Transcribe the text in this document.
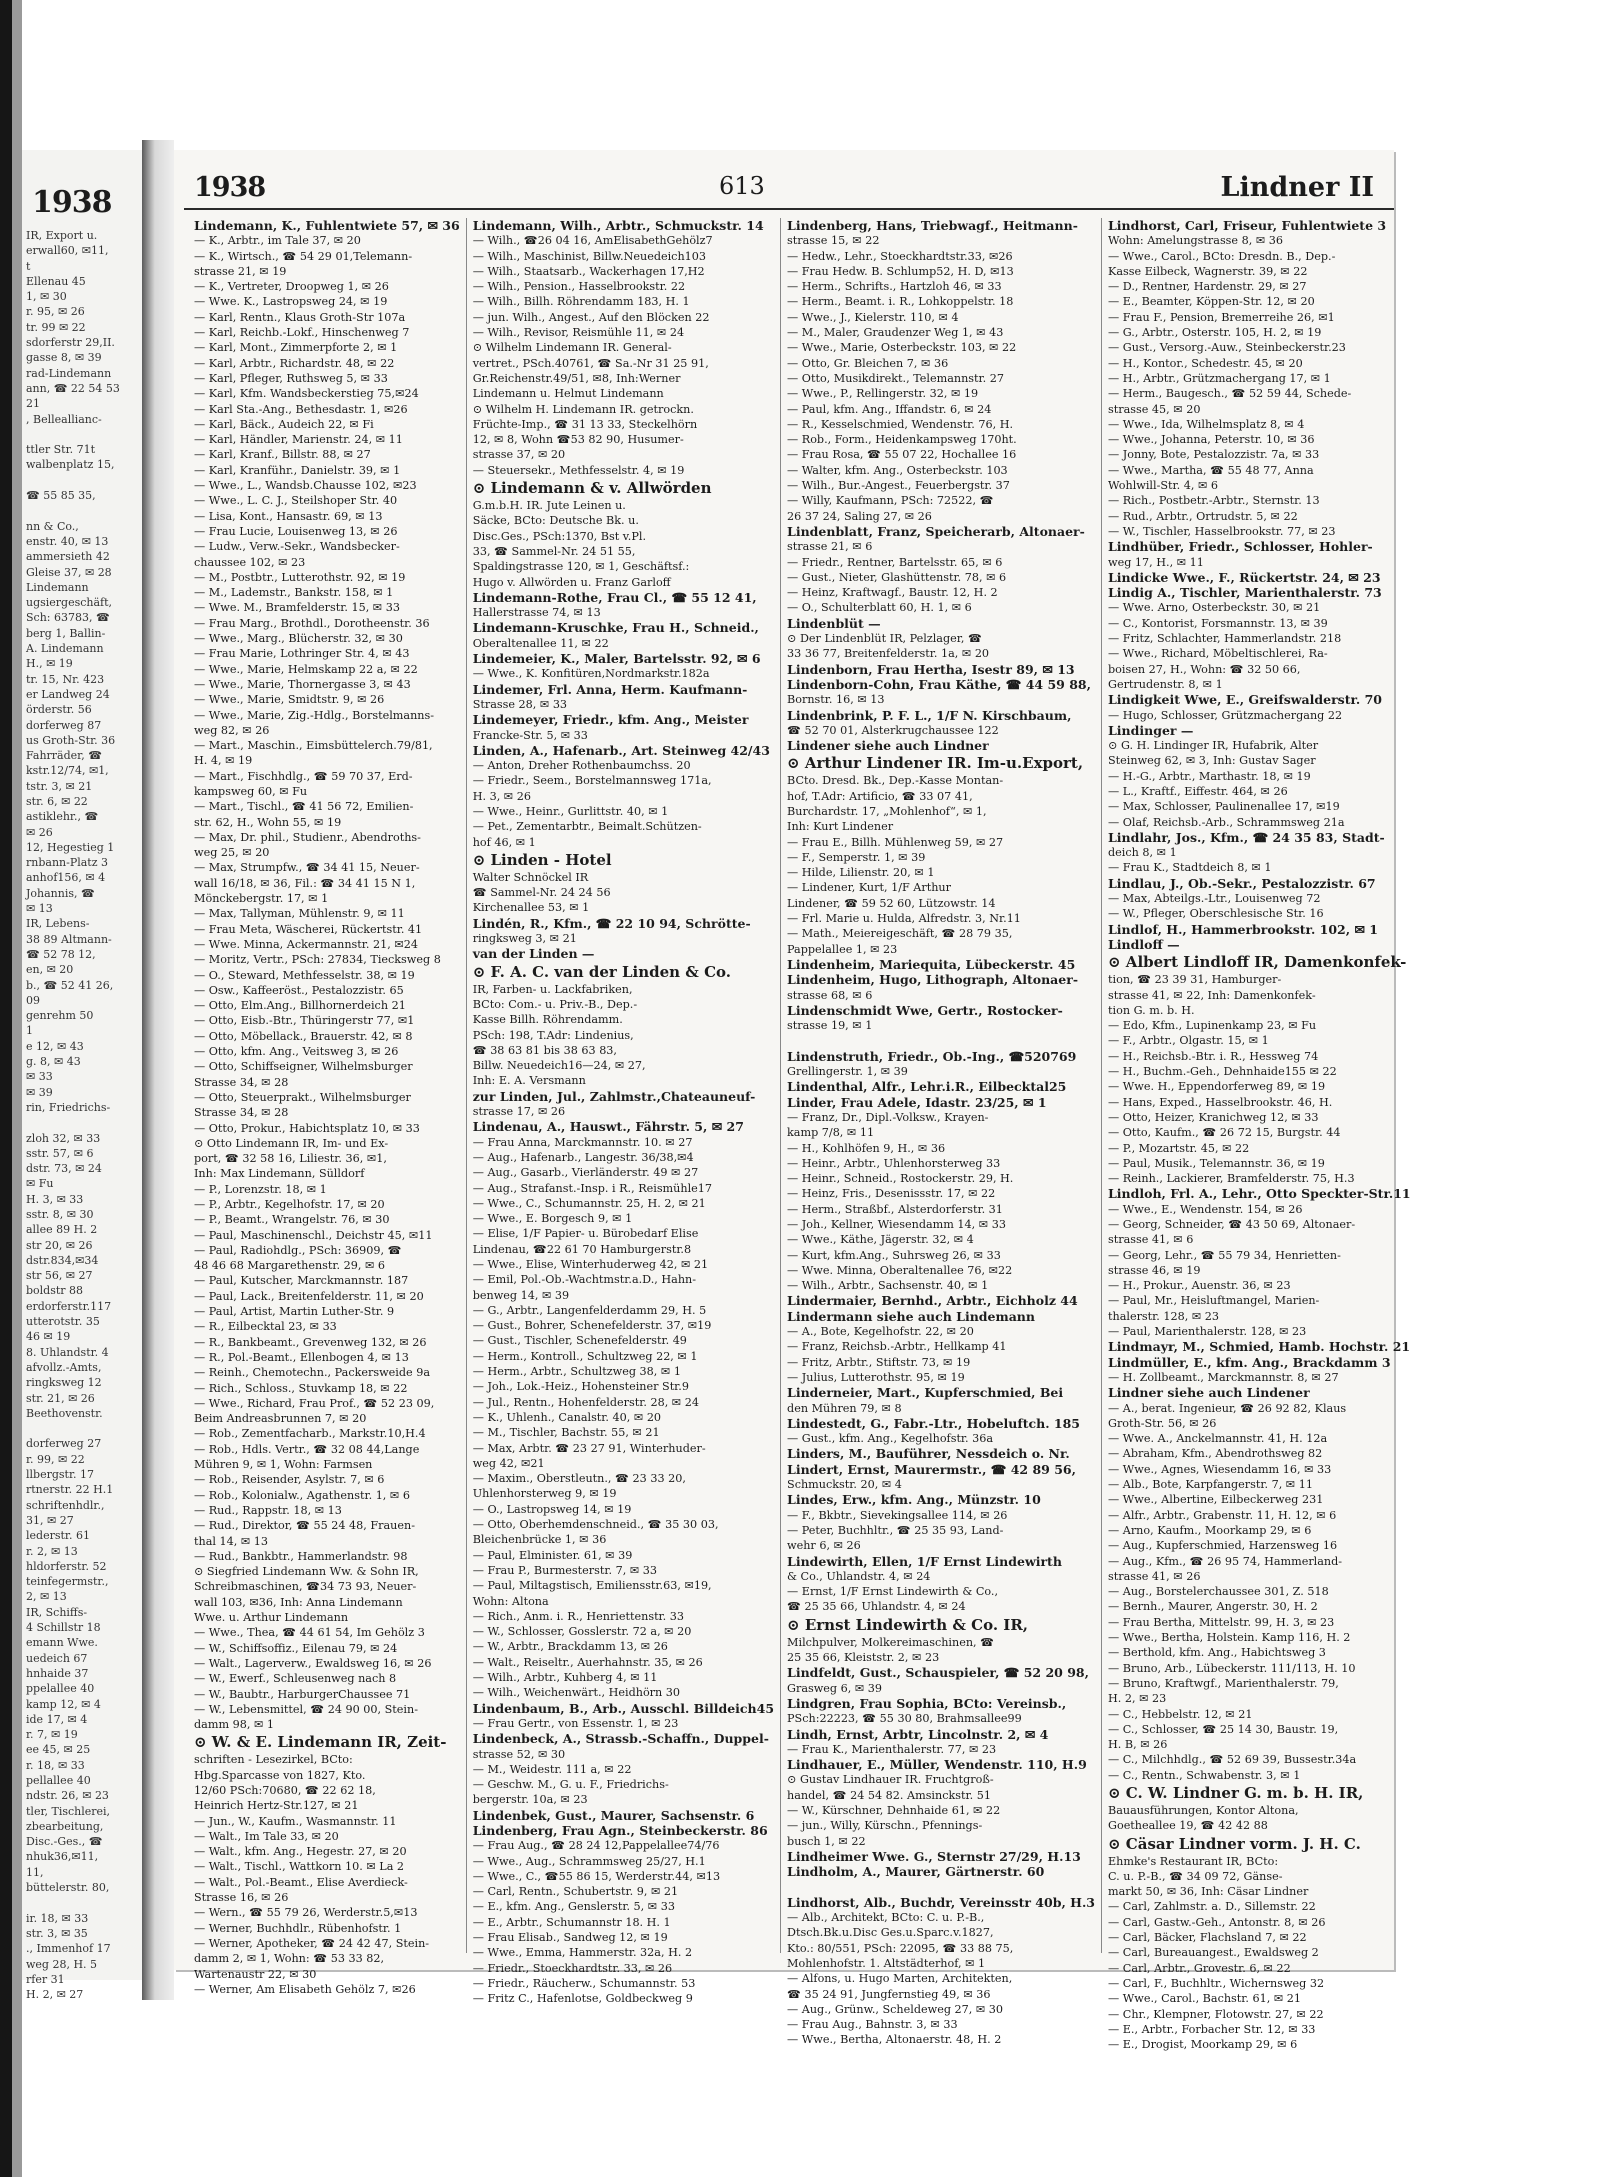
1938
IR, Export u.
erwall60, ✉11,
t
Ellenau 45
1, ✉ 30
r. 95, ✉ 26
tr. 99 ✉ 22
sdorferstr 29,II.
gasse 8, ✉ 39
rad-Lindemann
ann, ☎ 22 54 53
21
, Belleallianc-

ttler Str. 71t
walbenplatz 15,

☎ 55 85 35,

nn & Co.,
enstr. 40, ✉ 13
ammersieth 42
Gleise 37, ✉ 28
Lindemann
ugsiergeschäft,
Sch: 63783, ☎
berg 1, Ballin-
A. Lindemann
H., ✉ 19
tr. 15, Nr. 423
er Landweg 24
örderstr. 56
dorferweg 87
us Groth-Str. 36
Fahrräder, ☎
kstr.12/74, ✉1,
tstr. 3, ✉ 21
str. 6, ✉ 22
astiklehr., ☎
✉ 26
12, Hegestieg 1
rnbann-Platz 3
anhof156, ✉ 4
Johannis, ☎
✉ 13
IR, Lebens-
38 89 Altmann-
☎ 52 78 12,
en, ✉ 20
b., ☎ 52 41 26,
09
genrehm 50
1
e 12, ✉ 43
g. 8, ✉ 43
✉ 33
✉ 39
rin, Friedrichs-

zloh 32, ✉ 33
sstr. 57, ✉ 6
dstr. 73, ✉ 24
✉ Fu
H. 3, ✉ 33
sstr. 8, ✉ 30
allee 89 H. 2
str 20, ✉ 26
dstr.834,✉34
str 56, ✉ 27
boldstr 88
erdorferstr.117
utterotstr. 35
46 ✉ 19
8. Uhlandstr. 4
afvollz.-Amts,
ringksweg 12
str. 21, ✉ 26
Beethovenstr.

dorferweg 27
r. 99, ✉ 22
llbergstr. 17
rtnerstr. 22 H.1
schriftenhdlr.,
31, ✉ 27
lederstr. 61
r. 2, ✉ 13
hldorferstr. 52
teinfegermstr.,
2, ✉ 13
IR, Schiffs-
4 Schillstr 18
emann Wwe.
uedeich 67
hnhaide 37
ppelallee 40
kamp 12, ✉ 4
ide 17, ✉ 4
r. 7, ✉ 19
ee 45, ✉ 25
r. 18, ✉ 33
pellallee 40
ndstr. 26, ✉ 23
tler, Tischlerei,
zbearbeitung,
Disc.-Ges., ☎
nhuk36,✉11,
11,
büttelerstr. 80,

ir. 18, ✉ 33
str. 3, ✉ 35
., Immenhof 17
weg 28, H. 5
rfer 31
H. 2, ✉ 27
1938	613	Lindner II
Lindemann, K., Fuhlentwiete 57, ✉ 36
— K., Arbtr., im Tale 37, ✉ 20
— K., Wirtsch., ☎ 54 29 01,Telemann-
strasse 21, ✉ 19
— K., Vertreter, Droopweg 1, ✉ 26
— Wwe. K., Lastropsweg 24, ✉ 19
— Karl, Rentn., Klaus Groth-Str 107a
— Karl, Reichb.-Lokf., Hinschenweg 7
— Karl, Mont., Zimmerpforte 2, ✉ 1
— Karl, Arbtr., Richardstr. 48, ✉ 22
— Karl, Pfleger, Ruthsweg 5, ✉ 33
— Karl, Kfm. Wandsbeckerstieg 75,✉24
— Karl Sta.-Ang., Bethesdastr. 1, ✉26
— Karl, Bäck., Audeich 22, ✉ Fi
— Karl, Händler, Marienstr. 24, ✉ 11
— Karl, Kranf., Billstr. 88, ✉ 27
— Karl, Kranführ., Danielstr. 39, ✉ 1
— Wwe., L., Wandsb.Chausse 102, ✉23
— Wwe., L. C. J., Steilshoper Str. 40
— Lisa, Kont., Hansastr. 69, ✉ 13
— Frau Lucie, Louisenweg 13, ✉ 26
— Ludw., Verw.-Sekr., Wandsbecker-
chaussee 102, ✉ 23
— M., Postbtr., Lutterothstr. 92, ✉ 19
— M., Lademstr., Bankstr. 158, ✉ 1
— Wwe. M., Bramfelderstr. 15, ✉ 33
— Frau Marg., Brothdl., Dorotheenstr. 36
— Wwe., Marg., Blücherstr. 32, ✉ 30
— Frau Marie, Lothringer Str. 4, ✉ 43
— Wwe., Marie, Helmskamp 22 a, ✉ 22
— Wwe., Marie, Thornergasse 3, ✉ 43
— Wwe., Marie, Smidtstr. 9, ✉ 26
— Wwe., Marie, Zig.-Hdlg., Borstelmanns-
weg 82, ✉ 26
— Mart., Maschin., Eimsbüttelerch.79/81,
H. 4, ✉ 19
— Mart., Fischhdlg., ☎ 59 70 37, Erd-
kampsweg 60, ✉ Fu
— Mart., Tischl., ☎ 41 56 72, Emilien-
str. 62, H., Wohn 55, ✉ 19
— Max, Dr. phil., Studienr., Abendroths-
weg 25, ✉ 20
— Max, Strumpfw., ☎ 34 41 15, Neuer-
wall 16/18, ✉ 36, Fil.: ☎ 34 41 15 N 1,
Mönckebergstr. 17, ✉ 1
— Max, Tallyman, Mühlenstr. 9, ✉ 11
— Frau Meta, Wäscherei, Rückertstr. 41
— Wwe. Minna, Ackermannstr. 21, ✉24
— Moritz, Vertr., PSch: 27834, Tiecksweg 8
— O., Steward, Methfesselstr. 38, ✉ 19
— Osw., Kaffeeröst., Pestalozzistr. 65
— Otto, Elm.Ang., Billhornerdeich 21
— Otto, Eisb.-Btr., Thüringerstr 77, ✉1
— Otto, Möbellack., Brauerstr. 42, ✉ 8
— Otto, kfm. Ang., Veitsweg 3, ✉ 26
— Otto, Schiffseigner, Wilhelmsburger
Strasse 34, ✉ 28
— Otto, Steuerprakt., Wilhelmsburger
Strasse 34, ✉ 28
— Otto, Prokur., Habichtsplatz 10, ✉ 33
⊙ Otto Lindemann IR, Im- und Ex-
port, ☎ 32 58 16, Liliestr. 36, ✉1,
Inh: Max Lindemann, Sülldorf
— P., Lorenzstr. 18, ✉ 1
— P., Arbtr., Kegelhofstr. 17, ✉ 20
— P., Beamt., Wrangelstr. 76, ✉ 30
— Paul, Maschinenschl., Deichstr 45, ✉11
— Paul, Radiohdlg., PSch: 36909, ☎
48 46 68 Margarethenstr. 29, ✉ 6
— Paul, Kutscher, Marckmannstr. 187
— Paul, Lack., Breitenfelderstr. 11, ✉ 20
— Paul, Artist, Martin Luther-Str. 9
— R., Eilbecktal 23, ✉ 33
— R., Bankbeamt., Grevenweg 132, ✉ 26
— R., Pol.-Beamt., Ellenbogen 4, ✉ 13
— Reinh., Chemotechn., Packersweide 9a
— Rich., Schloss., Stuvkamp 18, ✉ 22
— Wwe., Richard, Frau Prof., ☎ 52 23 09,
Beim Andreasbrunnen 7, ✉ 20
— Rob., Zementfacharb., Markstr.10,H.4
— Rob., Hdls. Vertr., ☎ 32 08 44,Lange
Mühren 9, ✉ 1, Wohn: Farmsen
— Rob., Reisender, Asylstr. 7, ✉ 6
— Rob., Kolonialw., Agathenstr. 1, ✉ 6
— Rud., Rappstr. 18, ✉ 13
— Rud., Direktor, ☎ 55 24 48, Frauen-
thal 14, ✉ 13
— Rud., Bankbtr., Hammerlandstr. 98
⊙ Siegfried Lindemann Ww. & Sohn IR,
Schreibmaschinen, ☎34 73 93, Neuer-
wall 103, ✉36, Inh: Anna Lindemann
Wwe. u. Arthur Lindemann
— Wwe., Thea, ☎ 44 61 54, Im Gehölz 3
— W., Schiffsoffiz., Eilenau 79, ✉ 24
— Walt., Lagerverw., Ewaldsweg 16, ✉ 26
— W., Ewerf., Schleusenweg nach 8
— W., Baubtr., HarburgerChaussee 71
— W., Lebensmittel, ☎ 24 90 00, Stein-
damm 98, ✉ 1
⊙ W. & E. Lindemann IR, Zeit-
schriften - Lesezirkel, BCto:
Hbg.Sparcasse von 1827, Kto.
12/60 PSch:70680, ☎ 22 62 18,
Heinrich Hertz-Str.127, ✉ 21
— Jun., W., Kaufm., Wasmannstr. 11
— Walt., Im Tale 33, ✉ 20
— Walt., kfm. Ang., Hegestr. 27, ✉ 20
— Walt., Tischl., Wattkorn 10. ✉ La 2
— Walt., Pol.-Beamt., Elise Averdieck-
Strasse 16, ✉ 26
— Wern., ☎ 55 79 26, Werderstr.5,✉13
— Werner, Buchhdlr., Rübenhofstr. 1
— Werner, Apotheker, ☎ 24 42 47, Stein-
damm 2, ✉ 1, Wohn: ☎ 53 33 82,
Wartenaustr 22, ✉ 30
— Werner, Am Elisabeth Gehölz 7, ✉26
Lindemann, Wilh., Arbtr., Schmuckstr. 14
— Wilh., ☎26 04 16, AmElisabethGehölz7
— Wilh., Maschinist, Billw.Neuedeich103
— Wilh., Staatsarb., Wackerhagen 17,H2
— Wilh., Pension., Hasselbrookstr. 22
— Wilh., Billh. Röhrendamm 183, H. 1
— jun. Wilh., Angest., Auf den Blöcken 22
— Wilh., Revisor, Reismühle 11, ✉ 24
⊙ Wilhelm Lindemann IR. General-
vertret., PSch.40761, ☎ Sa.-Nr 31 25 91,
Gr.Reichenstr.49/51, ✉8, Inh:Werner
Lindemann u. Helmut Lindemann
⊙ Wilhelm H. Lindemann IR. getrockn.
Früchte-Imp., ☎ 31 13 33, Steckelhörn
12, ✉ 8, Wohn ☎53 82 90, Husumer-
strasse 37, ✉ 20
— Steuersekr., Methfesselstr. 4, ✉ 19
⊙ Lindemann & v. Allwörden
G.m.b.H. IR. Jute Leinen u.
Säcke, BCto: Deutsche Bk. u.
Disc.Ges., PSch:1370, Bst v.Pl.
33, ☎ Sammel-Nr. 24 51 55,
Spaldingstrasse 120, ✉ 1, Geschäftsf.:
Hugo v. Allwörden u. Franz Garloff
Lindemann-Rothe, Frau Cl., ☎ 55 12 41,
Hallerstrasse 74, ✉ 13
Lindemann-Kruschke, Frau H., Schneid.,
Oberaltenallee 11, ✉ 22
Lindemeier, K., Maler, Bartelsstr. 92, ✉ 6
— Wwe., K. Konfitüren,Nordmarkstr.182a
Lindemer, Frl. Anna, Herm. Kaufmann-
Strasse 28, ✉ 33
Lindemeyer, Friedr., kfm. Ang., Meister
Francke-Str. 5, ✉ 33
Linden, A., Hafenarb., Art. Steinweg 42/43
— Anton, Dreher Rothenbaumchss. 20
— Friedr., Seem., Borstelmannsweg 171a,
H. 3, ✉ 26
— Wwe., Heinr., Gurlittstr. 40, ✉ 1
— Pet., Zementarbtr., Beimalt.Schützen-
hof 46, ✉ 1
⊙ Linden - Hotel
Walter Schnöckel IR
☎ Sammel-Nr. 24 24 56
Kirchenallee 53, ✉ 1
Lindén, R., Kfm., ☎ 22 10 94, Schrötte-
ringksweg 3, ✉ 21
van der Linden —
⊙ F. A. C. van der Linden & Co.
IR, Farben- u. Lackfabriken,
BCto: Com.- u. Priv.-B., Dep.-
Kasse Billh. Röhrendamm.
PSch: 198, T.Adr: Lindenius,
☎ 38 63 81 bis 38 63 83,
Billw. Neuedeich16—24, ✉ 27,
Inh: E. A. Versmann
zur Linden, Jul., Zahlmstr.,Chateauneuf-
strasse 17, ✉ 26
Lindenau, A., Hauswt., Fährstr. 5, ✉ 27
— Frau Anna, Marckmannstr. 10. ✉ 27
— Aug., Hafenarb., Langestr. 36/38,✉4
— Aug., Gasarb., Vierländerstr. 49 ✉ 27
— Aug., Strafanst.-Insp. i R., Reismühle17
— Wwe., C., Schumannstr. 25, H. 2, ✉ 21
— Wwe., E. Borgesch 9, ✉ 1
— Elise, 1/F Papier- u. Bürobedarf Elise
Lindenau, ☎22 61 70 Hamburgerstr.8
— Wwe., Elise, Winterhuderweg 42, ✉ 21
— Emil, Pol.-Ob.-Wachtmstr.a.D., Hahn-
benweg 14, ✉ 39
— G., Arbtr., Langenfelderdamm 29, H. 5
— Gust., Bohrer, Schenefelderstr. 37, ✉19
— Gust., Tischler, Schenefelderstr. 49
— Herm., Kontroll., Schultzweg 22, ✉ 1
— Herm., Arbtr., Schultzweg 38, ✉ 1
— Joh., Lok.-Heiz., Hohensteiner Str.9
— Jul., Rentn., Hohenfelderstr. 28, ✉ 24
— K., Uhlenh., Canalstr. 40, ✉ 20
— M., Tischler, Bachstr. 55, ✉ 21
— Max, Arbtr. ☎ 23 27 91, Winterhuder-
weg 42, ✉21
— Maxim., Oberstleutn., ☎ 23 33 20,
Uhlenhorsterweg 9, ✉ 19
— O., Lastropsweg 14, ✉ 19
— Otto, Oberhemdenschneid., ☎ 35 30 03,
Bleichenbrücke 1, ✉ 36
— Paul, Elminister. 61, ✉ 39
— Frau P., Burmesterstr. 7, ✉ 33
— Paul, Miltagstisch, Emiliensstr.63, ✉19,
Wohn: Altona
— Rich., Anm. i. R., Henriettenstr. 33
— W., Schlosser, Gosslerstr. 72 a, ✉ 20
— W., Arbtr., Brackdamm 13, ✉ 26
— Walt., Reiseltr., Auerhahnstr. 35, ✉ 26
— Wilh., Arbtr., Kuhberg 4, ✉ 11
— Wilh., Weichenwärt., Heidhörn 30
Lindenbaum, B., Arb., Ausschl. Billdeich45
— Frau Gertr., von Essenstr. 1, ✉ 23
Lindenbeck, A., Strassb.-Schaffn., Duppel-
strasse 52, ✉ 30
— M., Weidestr. 111 a, ✉ 22
— Geschw. M., G. u. F., Friedrichs-
bergerstr. 10a, ✉ 23
Lindenbek, Gust., Maurer, Sachsenstr. 6
Lindenberg, Frau Agn., Steinbeckerstr. 86
— Frau Aug., ☎ 28 24 12,Pappelallee74/76
— Wwe., Aug., Schrammsweg 25/27, H.1
— Wwe., C., ☎55 86 15, Werderstr.44, ✉13
— Carl, Rentn., Schubertstr. 9, ✉ 21
— E., kfm. Ang., Genslerstr. 5, ✉ 33
— E., Arbtr., Schumannstr 18. H. 1
— Frau Elisab., Sandweg 12, ✉ 19
— Wwe., Emma, Hammerstr. 32a, H. 2
— Friedr., Stoeckhardtstr. 33, ✉ 26
— Friedr., Räucherw., Schumannstr. 53
— Fritz C., Hafenlotse, Goldbeckweg 9
Lindenberg, Hans, Triebwagf., Heitmann-
strasse 15, ✉ 22
— Hedw., Lehr., Stoeckhardtstr.33, ✉26
— Frau Hedw. B. Schlump52, H. D, ✉13
— Herm., Schrifts., Hartzloh 46, ✉ 33
— Herm., Beamt. i. R., Lohkoppelstr. 18
— Wwe., J., Kielerstr. 110, ✉ 4
— M., Maler, Graudenzer Weg 1, ✉ 43
— Wwe., Marie, Osterbeckstr. 103, ✉ 22
— Otto, Gr. Bleichen 7, ✉ 36
— Otto, Musikdirekt., Telemannstr. 27
— Wwe., P., Rellingerstr. 32, ✉ 19
— Paul, kfm. Ang., Iffandstr. 6, ✉ 24
— R., Kesselschmied, Wendenstr. 76, H.
— Rob., Form., Heidenkampsweg 170ht.
— Frau Rosa, ☎ 55 07 22, Hochallee 16
— Walter, kfm. Ang., Osterbeckstr. 103
— Wilh., Bur.-Angest., Feuerbergstr. 37
— Willy, Kaufmann, PSch: 72522, ☎
26 37 24, Saling 27, ✉ 26
Lindenblatt, Franz, Speicherarb, Altonaer-
strasse 21, ✉ 6
— Friedr., Rentner, Bartelsstr. 65, ✉ 6
— Gust., Nieter, Glashüttenstr. 78, ✉ 6
— Heinz, Kraftwagf., Baustr. 12, H. 2
— O., Schulterblatt 60, H. 1, ✉ 6
Lindenblüt —
⊙ Der Lindenblüt IR, Pelzlager, ☎
33 36 77, Breitenfelderstr. 1a, ✉ 20
Lindenborn, Frau Hertha, Isestr 89, ✉ 13
Lindenborn-Cohn, Frau Käthe, ☎ 44 59 88,
Bornstr. 16, ✉ 13
Lindenbrink, P. F. L., 1/F N. Kirschbaum,
☎ 52 70 01, Alsterkrugchaussee 122
Lindener siehe auch Lindner
⊙ Arthur Lindener IR. Im-u.Export,
BCto. Dresd. Bk., Dep.-Kasse Montan-
hof, T.Adr: Artificio, ☎ 33 07 41,
Burchardstr. 17, „Mohlenhof“, ✉ 1,
Inh: Kurt Lindener
— Frau E., Billh. Mühlenweg 59, ✉ 27
— F., Semperstr. 1, ✉ 39
— Hilde, Lilienstr. 20, ✉ 1
— Lindener, Kurt, 1/F Arthur
Lindener, ☎ 59 52 60, Lützowstr. 14
— Frl. Marie u. Hulda, Alfredstr. 3, Nr.11
— Math., Meiereigeschäft, ☎ 28 79 35,
Pappelallee 1, ✉ 23
Lindenheim, Mariequita, Lübeckerstr. 45
Lindenheim, Hugo, Lithograph, Altonaer-
strasse 68, ✉ 6
Lindenschmidt Wwe, Gertr., Rostocker-
strasse 19, ✉ 1

Lindenstruth, Friedr., Ob.-Ing., ☎520769
Grellingerstr. 1, ✉ 39
Lindenthal, Alfr., Lehr.i.R., Eilbecktal25
Linder, Frau Adele, Idastr. 23/25, ✉ 1
— Franz, Dr., Dipl.-Volksw., Krayen-
kamp 7/8, ✉ 11
— H., Kohlhöfen 9, H., ✉ 36
— Heinr., Arbtr., Uhlenhorsterweg 33
— Heinr., Schneid., Rostockerstr. 29, H.
— Heinz, Fris., Desenissstr. 17, ✉ 22
— Herm., Straßbf., Alsterdorferstr. 31
— Joh., Kellner, Wiesendamm 14, ✉ 33
— Wwe., Käthe, Jägerstr. 32, ✉ 4
— Kurt, kfm.Ang., Suhrsweg 26, ✉ 33
— Wwe. Minna, Oberaltenallee 76, ✉22
— Wilh., Arbtr., Sachsenstr. 40, ✉ 1
Lindermaier, Bernhd., Arbtr., Eichholz 44
Lindermann siehe auch Lindemann
— A., Bote, Kegelhofstr. 22, ✉ 20
— Franz, Reichsb.-Arbtr., Hellkamp 41
— Fritz, Arbtr., Stiftstr. 73, ✉ 19
— Julius, Lutterothstr. 95, ✉ 19
Linderneier, Mart., Kupferschmied, Bei
den Mühren 79, ✉ 8
Lindestedt, G., Fabr.-Ltr., Hobeluftch. 185
— Gust., kfm. Ang., Kegelhofstr. 36a
Linders, M., Bauführer, Nessdeich o. Nr.
Lindert, Ernst, Maurermstr., ☎ 42 89 56,
Schmuckstr. 20, ✉ 4
Lindes, Erw., kfm. Ang., Münzstr. 10
— F., Bkbtr., Sievekingsallee 114, ✉ 26
— Peter, Buchhltr., ☎ 25 35 93, Land-
wehr 6, ✉ 26
Lindewirth, Ellen, 1/F Ernst Lindewirth
& Co., Uhlandstr. 4, ✉ 24
— Ernst, 1/F Ernst Lindewirth & Co.,
☎ 25 35 66, Uhlandstr. 4, ✉ 24
⊙ Ernst Lindewirth & Co. IR,
Milchpulver, Molkereimaschinen, ☎
25 35 66, Kleiststr. 2, ✉ 23
Lindfeldt, Gust., Schauspieler, ☎ 52 20 98,
Grasweg 6, ✉ 39
Lindgren, Frau Sophia, BCto: Vereinsb.,
PSch:22223, ☎ 55 30 80, Brahmsallee99
Lindh, Ernst, Arbtr, Lincolnstr. 2, ✉ 4
— Frau K., Marienthalerstr. 77, ✉ 23
Lindhauer, E., Müller, Wendenstr. 110, H.9
⊙ Gustav Lindhauer IR. Fruchtgroß-
handel, ☎ 24 54 82. Amsinckstr. 51
— W., Kürschner, Dehnhaide 61, ✉ 22
— jun., Willy, Kürschn., Pfennings-
busch 1, ✉ 22
Lindheimer Wwe. G., Sternstr 27/29, H.13
Lindholm, A., Maurer, Gärtnerstr. 60

Lindhorst, Alb., Buchdr, Vereinsstr 40b, H.3
— Alb., Architekt, BCto: C. u. P.-B.,
Dtsch.Bk.u.Disc Ges.u.Sparc.v.1827,
Kto.: 80/551, PSch: 22095, ☎ 33 88 75,
Mohlenhofstr. 1. Altstädterhof, ✉ 1
— Alfons, u. Hugo Marten, Architekten,
☎ 35 24 91, Jungfernstieg 49, ✉ 36
— Aug., Grünw., Scheldeweg 27, ✉ 30
— Frau Aug., Bahnstr. 3, ✉ 33
— Wwe., Bertha, Altonaerstr. 48, H. 2
Lindhorst, Carl, Friseur, Fuhlentwiete 3
Wohn: Amelungstrasse 8, ✉ 36
— Wwe., Carol., BCto: Dresdn. B., Dep.-
Kasse Eilbeck, Wagnerstr. 39, ✉ 22
— D., Rentner, Hardenstr. 29, ✉ 27
— E., Beamter, Köppen-Str. 12, ✉ 20
— Frau F., Pension, Bremerreihe 26, ✉1
— G., Arbtr., Osterstr. 105, H. 2, ✉ 19
— Gust., Versorg.-Auw., Steinbeckerstr.23
— H., Kontor., Schedestr. 45, ✉ 20
— H., Arbtr., Grützmachergang 17, ✉ 1
— Herm., Baugesch., ☎ 52 59 44, Schede-
strasse 45, ✉ 20
— Wwe., Ida, Wilhelmsplatz 8, ✉ 4
— Wwe., Johanna, Peterstr. 10, ✉ 36
— Jonny, Bote, Pestalozzistr. 7a, ✉ 33
— Wwe., Martha, ☎ 55 48 77, Anna
Wohlwill-Str. 4, ✉ 6
— Rich., Postbetr.-Arbtr., Sternstr. 13
— Rud., Arbtr., Ortrudstr. 5, ✉ 22
— W., Tischler, Hasselbrookstr. 77, ✉ 23
Lindhüber, Friedr., Schlosser, Hohler-
weg 17, H., ✉ 11
Lindicke Wwe., F., Rückertstr. 24, ✉ 23
Lindig A., Tischler, Marienthalerstr. 73
— Wwe. Arno, Osterbeckstr. 30, ✉ 21
— C., Kontorist, Forsmannstr. 13, ✉ 39
— Fritz, Schlachter, Hammerlandstr. 218
— Wwe., Richard, Möbeltischlerei, Ra-
boisen 27, H., Wohn: ☎ 32 50 66,
Gertrudenstr. 8, ✉ 1
Lindigkeit Wwe, E., Greifswalderstr. 70
— Hugo, Schlosser, Grützmachergang 22
Lindinger —
⊙ G. H. Lindinger IR, Hufabrik, Alter
Steinweg 62, ✉ 3, Inh: Gustav Sager
— H.-G., Arbtr., Marthastr. 18, ✉ 19
— L., Kraftf., Eiffestr. 464, ✉ 26
— Max, Schlosser, Paulinenallee 17, ✉19
— Olaf, Reichsb.-Arb., Schrammsweg 21a
Lindlahr, Jos., Kfm., ☎ 24 35 83, Stadt-
deich 8, ✉ 1
— Frau K., Stadtdeich 8, ✉ 1
Lindlau, J., Ob.-Sekr., Pestalozzistr. 67
— Max, Abteilgs.-Ltr., Louisenweg 72
— W., Pfleger, Oberschlesische Str. 16
Lindlof, H., Hammerbrookstr. 102, ✉ 1
Lindloff —
⊙ Albert Lindloff IR, Damenkonfek-
tion, ☎ 23 39 31, Hamburger-
strasse 41, ✉ 22, Inh: Damenkonfek-
tion G. m. b. H.
— Edo, Kfm., Lupinenkamp 23, ✉ Fu
— F., Arbtr., Olgastr. 15, ✉ 1
— H., Reichsb.-Btr. i. R., Hessweg 74
— H., Buchm.-Geh., Dehnhaide155 ✉ 22
— Wwe. H., Eppendorferweg 89, ✉ 19
— Hans, Exped., Hasselbrookstr. 46, H.
— Otto, Heizer, Kranichweg 12, ✉ 33
— Otto, Kaufm., ☎ 26 72 15, Burgstr. 44
— P., Mozartstr. 45, ✉ 22
— Paul, Musik., Telemannstr. 36, ✉ 19
— Reinh., Lackierer, Bramfelderstr. 75, H.3
Lindloh, Frl. A., Lehr., Otto Speckter-Str.11
— Wwe., E., Wendenstr. 154, ✉ 26
— Georg, Schneider, ☎ 43 50 69, Altonaer-
strasse 41, ✉ 6
— Georg, Lehr., ☎ 55 79 34, Henrietten-
strasse 46, ✉ 19
— H., Prokur., Auenstr. 36, ✉ 23
— Paul, Mr., Heisluftmangel, Marien-
thalerstr. 128, ✉ 23
— Paul, Marienthalerstr. 128, ✉ 23
Lindmayr, M., Schmied, Hamb. Hochstr. 21
Lindmüller, E., kfm. Ang., Brackdamm 3
— H. Zollbeamt., Marckmannstr. 8, ✉ 27
Lindner siehe auch Lindener
— A., berat. Ingenieur, ☎ 26 92 82, Klaus
Groth-Str. 56, ✉ 26
— Wwe. A., Anckelmannstr. 41, H. 12a
— Abraham, Kfm., Abendrothsweg 82
— Wwe., Agnes, Wiesendamm 16, ✉ 33
— Alb., Bote, Karpfangerstr. 7, ✉ 11
— Wwe., Albertine, Eilbeckerweg 231
— Alfr., Arbtr., Grabenstr. 11, H. 12, ✉ 6
— Arno, Kaufm., Moorkamp 29, ✉ 6
— Aug., Kupferschmied, Harzensweg 16
— Aug., Kfm., ☎ 26 95 74, Hammerland-
strasse 41, ✉ 26
— Aug., Borstelerchaussee 301, Z. 518
— Bernh., Maurer, Angerstr. 30, H. 2
— Frau Bertha, Mittelstr. 99, H. 3, ✉ 23
— Wwe., Bertha, Holstein. Kamp 116, H. 2
— Berthold, kfm. Ang., Habichtsweg 3
— Bruno, Arb., Lübeckerstr. 111/113, H. 10
— Bruno, Kraftwgf., Marienthalerstr. 79,
H. 2, ✉ 23
— C., Hebbelstr. 12, ✉ 21
— C., Schlosser, ☎ 25 14 30, Baustr. 19,
H. B, ✉ 26
— C., Milchhdlg., ☎ 52 69 39, Bussestr.34a
— C., Rentn., Schwabenstr. 3, ✉ 1
⊙ C. W. Lindner G. m. b. H. IR,
Bauausführungen, Kontor Altona,
Goetheallee 19, ☎ 42 42 88
⊙ Cäsar Lindner vorm. J. H. C.
Ehmke's Restaurant IR, BCto:
C. u. P.-B., ☎ 34 09 72, Gänse-
markt 50, ✉ 36, Inh: Cäsar Lindner
— Carl, Zahlmstr. a. D., Sillemstr. 22
— Carl, Gastw.-Geh., Antonstr. 8, ✉ 26
— Carl, Bäcker, Flachsland 7, ✉ 22
— Carl, Bureauangest., Ewaldsweg 2
— Carl, Arbtr., Grovestr. 6, ✉ 22
— Carl, F., Buchhltr., Wichernsweg 32
— Wwe., Carol., Bachstr. 61, ✉ 21
— Chr., Klempner, Flotowstr. 27, ✉ 22
— E., Arbtr., Forbacher Str. 12, ✉ 33
— E., Drogist, Moorkamp 29, ✉ 6
